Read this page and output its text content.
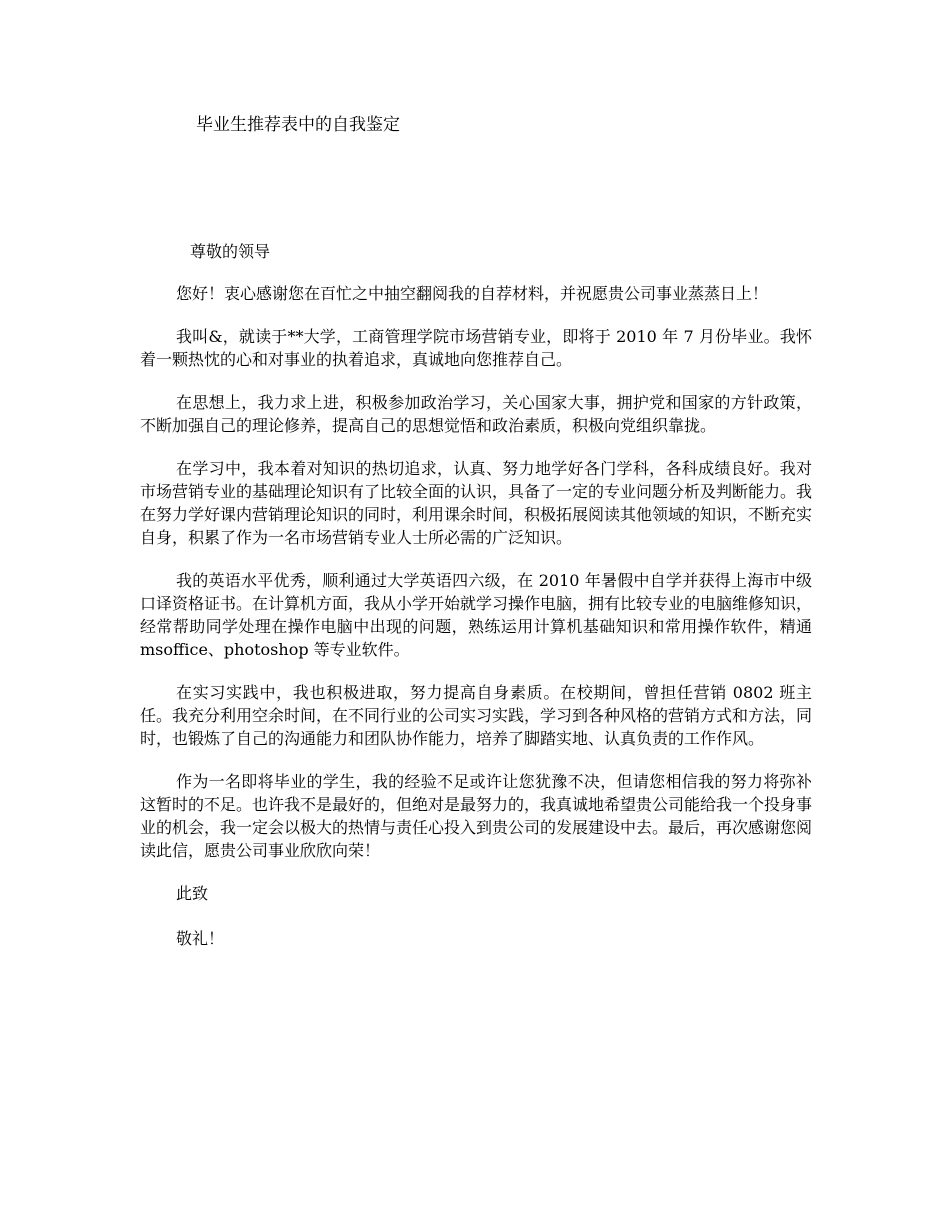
毕业生推荐表中的自我鉴定
尊敬的领导

您好！衷心感谢您在百忙之中抽空翻阅我的自荐材料，并祝愿贵公司事业蒸蒸日上！

我叫&，就读于**大学，工商管理学院市场营销专业，即将于 2010 年 7 月份毕业。我怀着一颗热忱的心和对事业的执着追求，真诚地向您推荐自己。

在思想上，我力求上进，积极参加政治学习，关心国家大事，拥护党和国家的方针政策，不断加强自己的理论修养，提高自己的思想觉悟和政治素质，积极向党组织靠拢。

在学习中，我本着对知识的热切追求，认真、努力地学好各门学科，各科成绩良好。我对市场营销专业的基础理论知识有了比较全面的认识，具备了一定的专业问题分析及判断能力。我在努力学好课内营销理论知识的同时，利用课余时间，积极拓展阅读其他领域的知识，不断充实自身，积累了作为一名市场营销专业人士所必需的广泛知识。

我的英语水平优秀，顺利通过大学英语四六级，在 2010 年暑假中自学并获得上海市中级口译资格证书。在计算机方面，我从小学开始就学习操作电脑，拥有比较专业的电脑维修知识，经常帮助同学处理在操作电脑中出现的问题，熟练运用计算机基础知识和常用操作软件，精通 msoffice、photoshop 等专业软件。

在实习实践中，我也积极进取，努力提高自身素质。在校期间，曾担任营销 0802 班主任。我充分利用空余时间，在不同行业的公司实习实践，学习到各种风格的营销方式和方法，同时，也锻炼了自己的沟通能力和团队协作能力，培养了脚踏实地、认真负责的工作作风。

作为一名即将毕业的学生，我的经验不足或许让您犹豫不决，但请您相信我的努力将弥补这暂时的不足。也许我不是最好的，但绝对是最努力的，我真诚地希望贵公司能给我一个投身事业的机会，我一定会以极大的热情与责任心投入到贵公司的发展建设中去。最后，再次感谢您阅读此信，愿贵公司事业欣欣向荣！

此致

敬礼！
